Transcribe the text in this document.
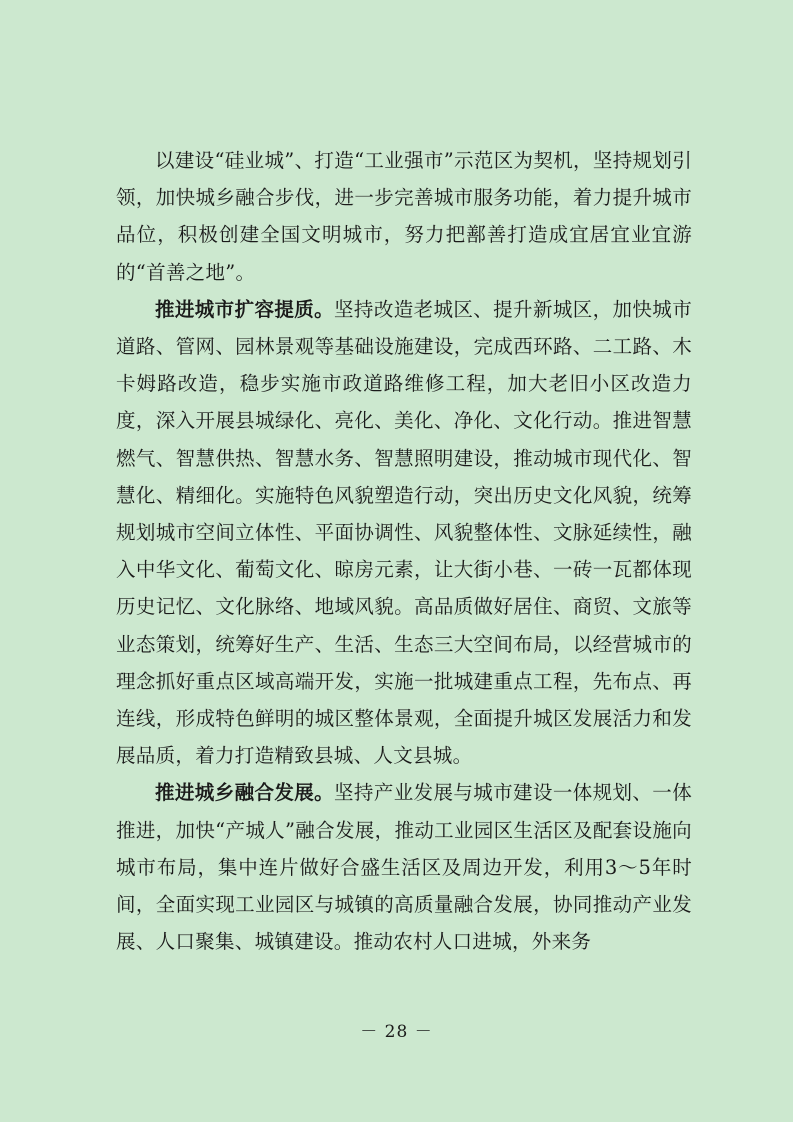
以建设“硅业城”、打造“工业强市”示范区为契机，坚持规划引领，加快城乡融合步伐，进一步完善城市服务功能，着力提升城市品位，积极创建全国文明城市，努力把鄯善打造成宜居宜业宜游的“首善之地”。

推进城市扩容提质。坚持改造老城区、提升新城区，加快城市道路、管网、园林景观等基础设施建设，完成西环路、二工路、木卡姆路改造，稳步实施市政道路维修工程，加大老旧小区改造力度，深入开展县城绿化、亮化、美化、净化、文化行动。推进智慧燃气、智慧供热、智慧水务、智慧照明建设，推动城市现代化、智慧化、精细化。实施特色风貌塑造行动，突出历史文化风貌，统筹规划城市空间立体性、平面协调性、风貌整体性、文脉延续性，融入中华文化、葡萄文化、晾房元素，让大街小巷、一砖一瓦都体现历史记忆、文化脉络、地域风貌。高品质做好居住、商贸、文旅等业态策划，统筹好生产、生活、生态三大空间布局，以经营城市的理念抓好重点区域高端开发，实施一批城建重点工程，先布点、再连线，形成特色鲜明的城区整体景观，全面提升城区发展活力和发展品质，着力打造精致县城、人文县城。

推进城乡融合发展。坚持产业发展与城市建设一体规划、一体推进，加快“产城人”融合发展，推动工业园区生活区及配套设施向城市布局，集中连片做好合盛生活区及周边开发，利用3～5年时间，全面实现工业园区与城镇的高质量融合发展，协同推动产业发展、人口聚集、城镇建设。推动农村人口进城，外来务

－ 28 －
